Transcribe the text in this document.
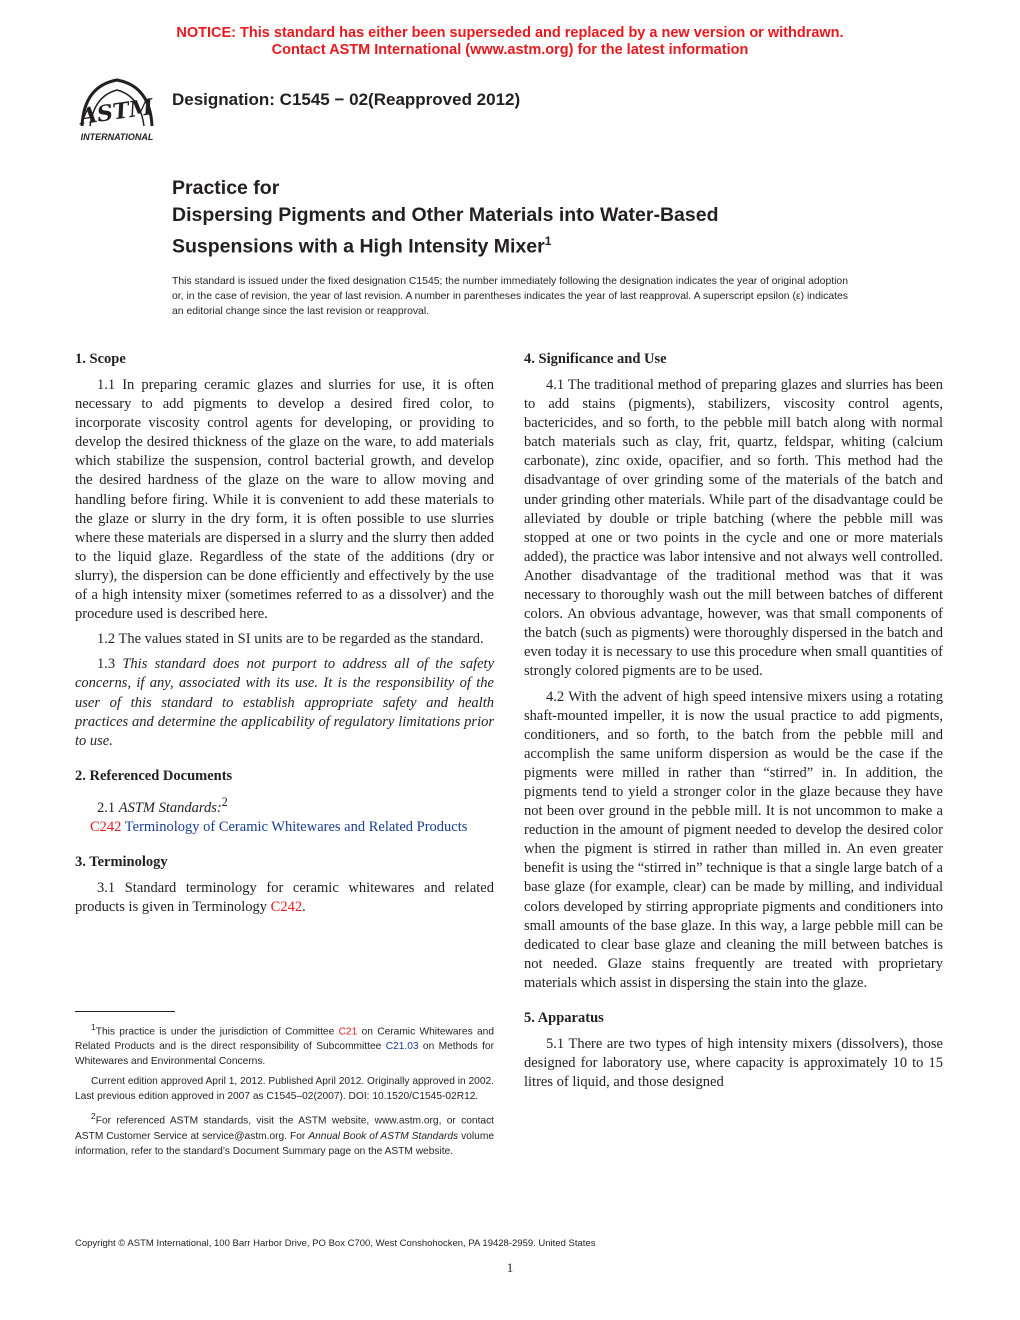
NOTICE: This standard has either been superseded and replaced by a new version or withdrawn.
Contact ASTM International (www.astm.org) for the latest information
ASTM
INTERNATIONAL
Designation: C1545 − 02(Reapproved 2012)
Practice for
Dispersing Pigments and Other Materials into Water-Based
Suspensions with a High Intensity Mixer$^1$
This standard is issued under the fixed designation C1545; the number immediately following the designation indicates the year of original adoption or, in the case of revision, the year of last revision. A number in parentheses indicates the year of last reapproval. A superscript epsilon (ε) indicates an editorial change since the last revision or reapproval.
1. Scope

1.1 In preparing ceramic glazes and slurries for use, it is often necessary to add pigments to develop a desired fired color, to incorporate viscosity control agents for developing, or providing to develop the desired thickness of the glaze on the ware, to add materials which stabilize the suspension, control bacterial growth, and develop the desired hardness of the glaze on the ware to allow moving and handling before firing. While it is convenient to add these materials to the glaze or slurry in the dry form, it is often possible to use slurries where these materials are dispersed in a slurry and the slurry then added to the liquid glaze. Regardless of the state of the additions (dry or slurry), the dispersion can be done efficiently and effectively by the use of a high intensity mixer (sometimes referred to as a dissolver) and the procedure used is described here.

1.2 The values stated in SI units are to be regarded as the standard.

1.3 This standard does not purport to address all of the safety concerns, if any, associated with its use. It is the responsibility of the user of this standard to establish appropriate safety and health practices and determine the applicability of regulatory limitations prior to use.

2. Referenced Documents

2.1 ASTM Standards:$^2$

C242 Terminology of Ceramic Whitewares and Related Products

3. Terminology

3.1 Standard terminology for ceramic whitewares and related products is given in Terminology C242.

4. Significance and Use

4.1 The traditional method of preparing glazes and slurries has been to add stains (pigments), stabilizers, viscosity control agents, bactericides, and so forth, to the pebble mill batch along with normal batch materials such as clay, frit, quartz, feldspar, whiting (calcium carbonate), zinc oxide, opacifier, and so forth. This method had the disadvantage of over grinding some of the materials of the batch and under grinding other materials. While part of the disadvantage could be alleviated by double or triple batching (where the pebble mill was stopped at one or two points in the cycle and one or more materials added), the practice was labor intensive and not always well controlled. Another disadvantage of the traditional method was that it was necessary to thoroughly wash out the mill between batches of different colors. An obvious advantage, however, was that small components of the batch (such as pigments) were thoroughly dispersed in the batch and even today it is necessary to use this procedure when small quantities of strongly colored pigments are to be used.

4.2 With the advent of high speed intensive mixers using a rotating shaft-mounted impeller, it is now the usual practice to add pigments, conditioners, and so forth, to the batch from the pebble mill and accomplish the same uniform dispersion as would be the case if the pigments were milled in rather than “stirred” in. In addition, the pigments tend to yield a stronger color in the glaze because they have not been over ground in the pebble mill. It is not uncommon to make a reduction in the amount of pigment needed to develop the desired color when the pigment is stirred in rather than milled in. An even greater benefit is using the “stirred in” technique is that a single large batch of a base glaze (for example, clear) can be made by milling, and individual colors developed by stirring appropriate pigments and conditioners into small amounts of the base glaze. In this way, a large pebble mill can be dedicated to clear base glaze and cleaning the mill between batches is not needed. Glaze stains frequently are treated with proprietary materials which assist in dispersing the stain into the glaze.

5. Apparatus

5.1 There are two types of high intensity mixers (dissolvers), those designed for laboratory use, where capacity is approximately 10 to 15 litres of liquid, and those designed

$^1$This practice is under the jurisdiction of Committee C21 on Ceramic Whitewares and Related Products and is the direct responsibility of Subcommittee C21.03 on Methods for Whitewares and Environmental Concerns.

Current edition approved April 1, 2012. Published April 2012. Originally approved in 2002. Last previous edition approved in 2007 as C1545–02(2007). DOI: 10.1520/C1545-02R12.

$^2$For referenced ASTM standards, visit the ASTM website, www.astm.org, or contact ASTM Customer Service at service@astm.org. For Annual Book of ASTM Standards volume information, refer to the standard’s Document Summary page on the ASTM website.

Copyright © ASTM International, 100 Barr Harbor Drive, PO Box C700, West Conshohocken, PA 19428-2959. United States
1
